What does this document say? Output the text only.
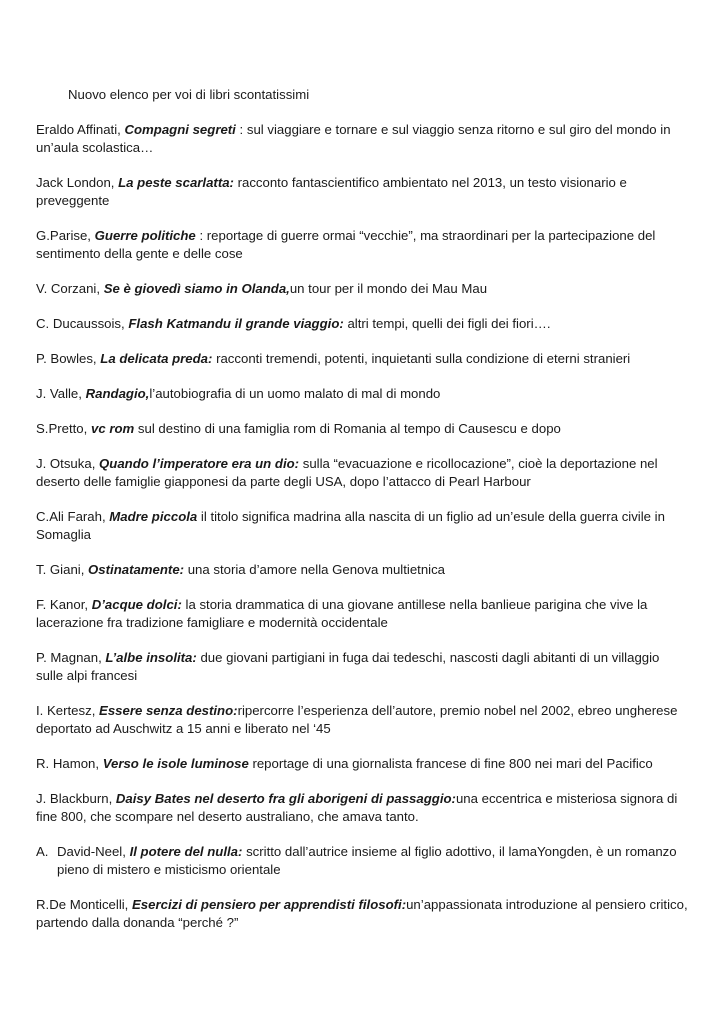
Nuovo elenco per voi di libri scontatissimi

Eraldo Affinati, Compagni segreti : sul viaggiare e tornare e sul viaggio senza ritorno e sul giro del mondo in un’aula scolastica…

Jack London, La peste scarlatta: racconto fantascientifico ambientato nel 2013, un testo visionario e preveggente

G.Parise, Guerre politiche : reportage di guerre ormai “vecchie”, ma straordinari per la partecipazione del sentimento della gente e delle cose

V. Corzani, Se è giovedì siamo in Olanda,un tour per il mondo dei Mau Mau

C. Ducaussois, Flash Katmandu il grande viaggio: altri tempi, quelli dei figli dei fiori….

P. Bowles, La delicata preda: racconti tremendi, potenti, inquietanti sulla condizione di eterni stranieri

J. Valle, Randagio,l’autobiografia di un uomo malato di mal di mondo

S.Pretto, vc rom sul destino di una famiglia rom di Romania al tempo di Causescu e dopo

J. Otsuka, Quando l’imperatore era un dio: sulla “evacuazione e ricollocazione”, cioè la deportazione nel deserto delle famiglie giapponesi da parte degli USA, dopo l’attacco di Pearl Harbour

C.Ali Farah, Madre piccola il titolo significa madrina alla nascita di un figlio ad un’esule della guerra civile in Somaglia

T. Giani, Ostinatamente: una storia d’amore nella Genova multietnica

F. Kanor, D’acque dolci: la storia drammatica di una giovane antillese nella banlieue parigina che vive la lacerazione fra tradizione famigliare e modernità occidentale

P. Magnan, L’albe insolita: due giovani partigiani in fuga dai tedeschi, nascosti dagli abitanti di un villaggio sulle alpi francesi

I. Kertesz, Essere senza destino:ripercorre l’esperienza dell’autore, premio nobel nel 2002, ebreo ungherese deportato ad Auschwitz a 15 anni e liberato nel ‘45

R. Hamon, Verso le isole luminose reportage di una giornalista francese di fine 800 nei mari del Pacifico

J. Blackburn, Daisy Bates nel deserto fra gli aborigeni di passaggio:una eccentrica e misteriosa signora di fine 800, che scompare nel deserto australiano, che amava tanto.

A. David-Neel, Il potere del nulla: scritto dall’autrice insieme al figlio adottivo, il lamaYongden, è un romanzo pieno di mistero e misticismo orientale

R.De Monticelli, Esercizi di pensiero per apprendisti filosofi:un’appassionata introduzione al pensiero critico, partendo dalla donanda “perché ?”
